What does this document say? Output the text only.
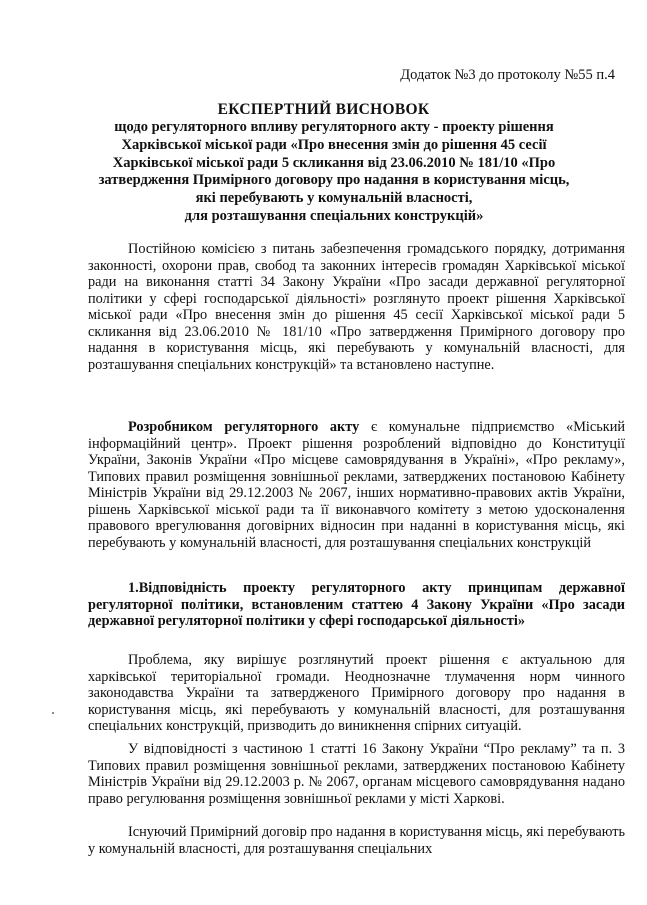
Додаток №3 до протоколу №55 п.4
ЕКСПЕРТНИЙ ВИСНОВОК
щодо регуляторного впливу регуляторного акту - проекту рішення
Харківської міської ради «Про внесення змін до рішення 45 сесії
Харківської міської ради 5 скликання від 23.06.2010 № 181/10 «Про
затвердження Примірного договору про надання в користування місць,
які перебувають у комунальній власності,
для розташування спеціальних конструкцій»

Постійною комісією з питань забезпечення громадського порядку, дотримання законності, охорони прав, свобод та законних інтересів громадян Харківської міської ради на виконання статті 34 Закону України «Про засади державної регуляторної політики у сфері господарської діяльності» розглянуто проект рішення Харківської міської ради «Про внесення змін до рішення 45 сесії Харківської міської ради 5 скликання від 23.06.2010 № 181/10 «Про затвердження Примірного договору про надання в користування місць, які перебувають у комунальній власності, для розташування спеціальних конструкцій» та встановлено наступне.

Розробником регуляторного акту є комунальне підприємство «Міський інформаційний центр». Проект рішення розроблений відповідно до Конституції України, Законів України «Про місцеве самоврядування в Україні», «Про рекламу», Типових правил розміщення зовнішньої реклами, затверджених постановою Кабінету Міністрів України від 29.12.2003 № 2067, інших нормативно-правових актів України, рішень Харківської міської ради та її виконавчого комітету з метою удосконалення правового врегулювання договірних відносин при наданні в користування місць, які перебувають у комунальній власності, для розташування спеціальних конструкцій

1.Відповідність проекту регуляторного акту принципам державної регуляторної політики, встановленим статтею 4 Закону України «Про засади державної регуляторної політики у сфері господарської діяльності»

Проблема, яку вирішує розглянутий проект рішення є актуальною для харківської територіальної громади. Неоднозначне тлумачення норм чинного законодавства України та затвердженого Примірного договору про надання в користування місць, які перебувають у комунальній власності, для розташування спеціальних конструкцій, призводить до виникнення спірних ситуацій.

У відповідності з частиною 1 статті 16 Закону України “Про рекламу” та п. 3 Типових правил розміщення зовнішньої реклами, затверджених постановою Кабінету Міністрів України від 29.12.2003 р. № 2067, органам місцевого самоврядування надано право регулювання розміщення зовнішньої реклами у місті Харкові.

Існуючий Примірний договір про надання в користування місць, які перебувають у комунальній власності, для розташування спеціальних
